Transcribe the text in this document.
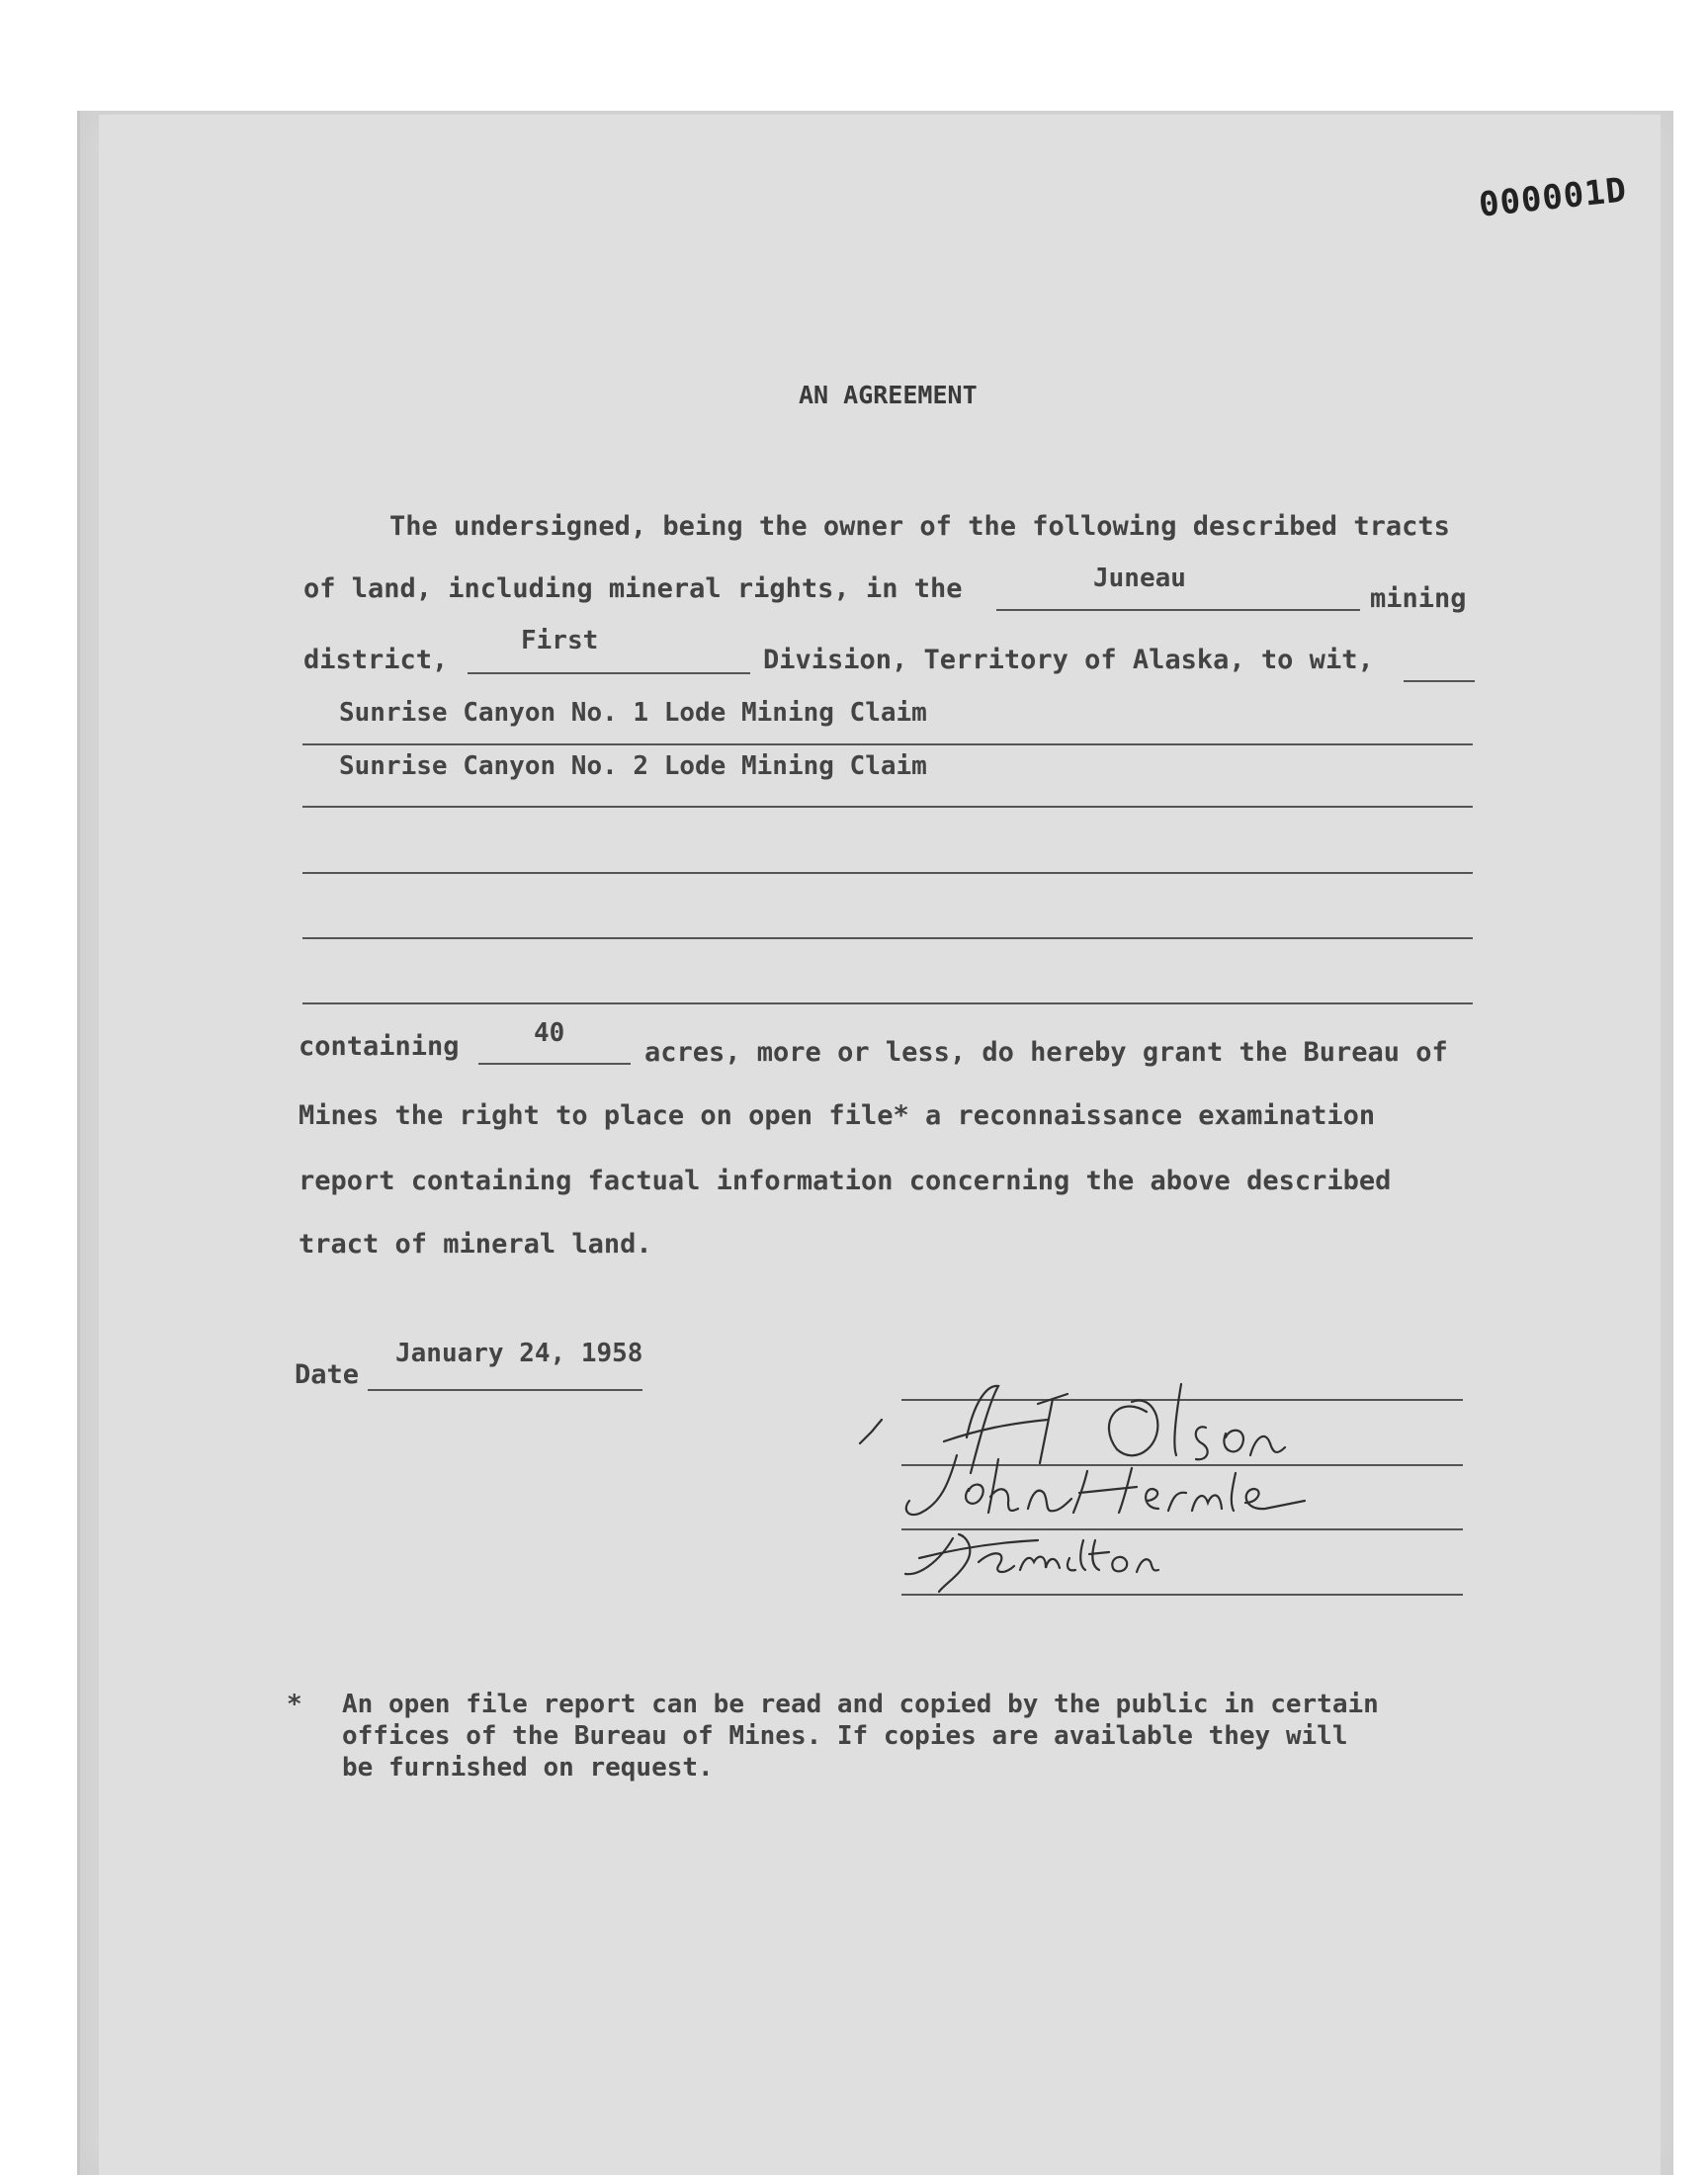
000001D
AN AGREEMENT
The undersigned, being the owner of the following described tracts
of land, including mineral rights, in the	Juneau
mining
district,
First
Division, Territory of Alaska, to wit,
Sunrise Canyon No. 1 Lode Mining Claim
Sunrise Canyon No. 2 Lode Mining Claim
containing	40
acres, more or less, do hereby grant the Bureau of
Mines the right to place on open file* a reconnaissance examination
report containing factual information concerning the above described
tract of mineral land.
Date
January 24, 1958
* An open file report can be read and copied by the public in certain
offices of the Bureau of Mines. If copies are available they will
be furnished on request.
